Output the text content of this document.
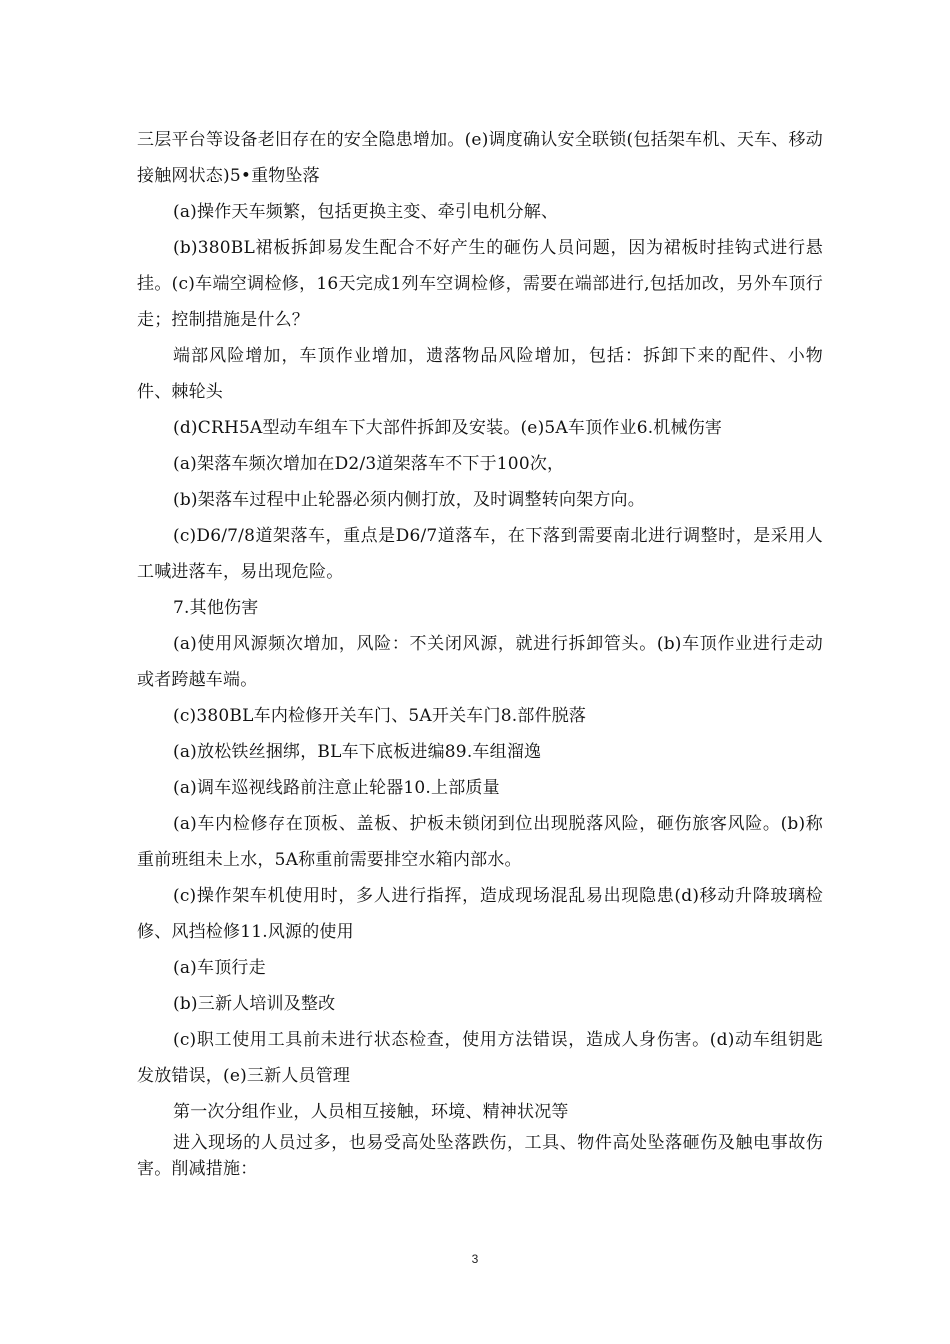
三层平台等设备老旧存在的安全隐患增加。(e)调度确认安全联锁(包括架车机、天车、移动接触网状态)5•重物坠落

(a)操作天车频繁，包括更换主变、牵引电机分解、

(b)380BL裙板拆卸易发生配合不好产生的砸伤人员问题，因为裙板时挂钩式进行悬挂。(c)车端空调检修，16天完成1列车空调检修，需要在端部进行,包括加改，另外车顶行走；控制措施是什么？

端部风险增加，车顶作业增加，遗落物品风险增加，包括：拆卸下来的配件、小物件、棘轮头

(d)CRH5A型动车组车下大部件拆卸及安装。(e)5A车顶作业6.机械伤害

(a)架落车频次增加在D2/3道架落车不下于100次，

(b)架落车过程中止轮器必须内侧打放，及时调整转向架方向。

(c)D6/7/8道架落车，重点是D6/7道落车，在下落到需要南北进行调整时，是采用人工喊进落车，易出现危险。

7.其他伤害

(a)使用风源频次增加，风险：不关闭风源，就进行拆卸管头。(b)车顶作业进行走动或者跨越车端。

(c)380BL车内检修开关车门、5A开关车门8.部件脱落

(a)放松铁丝捆绑，BL车下底板进编89.车组溜逸

(a)调车巡视线路前注意止轮器10.上部质量

(a)车内检修存在顶板、盖板、护板未锁闭到位出现脱落风险，砸伤旅客风险。(b)称重前班组未上水，5A称重前需要排空水箱内部水。

(c)操作架车机使用时，多人进行指挥，造成现场混乱易出现隐患(d)移动升降玻璃检修、风挡检修11.风源的使用

(a)车顶行走

(b)三新人培训及整改

(c)职工使用工具前未进行状态检查，使用方法错误，造成人身伤害。(d)动车组钥匙发放错误，(e)三新人员管理

第一次分组作业，人员相互接触，环境、精神状况等

进入现场的人员过多，也易受高处坠落跌伤，工具、物件高处坠落砸伤及触电事故伤害。削减措施：

3
